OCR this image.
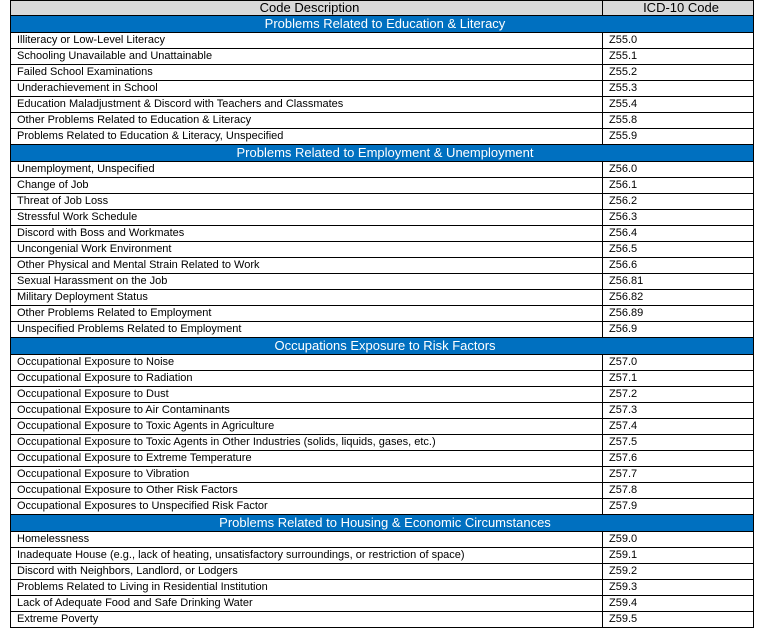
Code Description	ICD-10 Code
Problems Related to Education & Literacy	
Illiteracy or Low-Level Literacy	Z55.0
Schooling Unavailable and Unattainable	Z55.1
Failed School Examinations	Z55.2
Underachievement in School	Z55.3
Education Maladjustment & Discord with Teachers and Classmates	Z55.4
Other Problems Related to Education & Literacy	Z55.8
Problems Related to Education & Literacy, Unspecified	Z55.9
Problems Related to Employment & Unemployment	
Unemployment, Unspecified	Z56.0
Change of Job	Z56.1
Threat of Job Loss	Z56.2
Stressful Work Schedule	Z56.3
Discord with Boss and Workmates	Z56.4
Uncongenial Work Environment	Z56.5
Other Physical and Mental Strain Related to Work	Z56.6
Sexual Harassment on the Job	Z56.81
Military Deployment Status	Z56.82
Other Problems Related to Employment	Z56.89
Unspecified Problems Related to Employment	Z56.9
Occupations Exposure to Risk Factors	
Occupational Exposure to Noise	Z57.0
Occupational Exposure to Radiation	Z57.1
Occupational Exposure to Dust	Z57.2
Occupational Exposure to Air Contaminants	Z57.3
Occupational Exposure to Toxic Agents in Agriculture	Z57.4
Occupational Exposure to Toxic Agents in Other Industries (solids, liquids, gases, etc.)	Z57.5
Occupational Exposure to Extreme Temperature	Z57.6
Occupational Exposure to Vibration	Z57.7
Occupational Exposure to Other Risk Factors	Z57.8
Occupational Exposures to Unspecified Risk Factor	Z57.9
Problems Related to Housing & Economic Circumstances	
Homelessness	Z59.0
Inadequate House (e.g., lack of heating, unsatisfactory surroundings, or restriction of space)	Z59.1
Discord with Neighbors, Landlord, or Lodgers	Z59.2
Problems Related to Living in Residential Institution	Z59.3
Lack of Adequate Food and Safe Drinking Water	Z59.4
Extreme Poverty	Z59.5
